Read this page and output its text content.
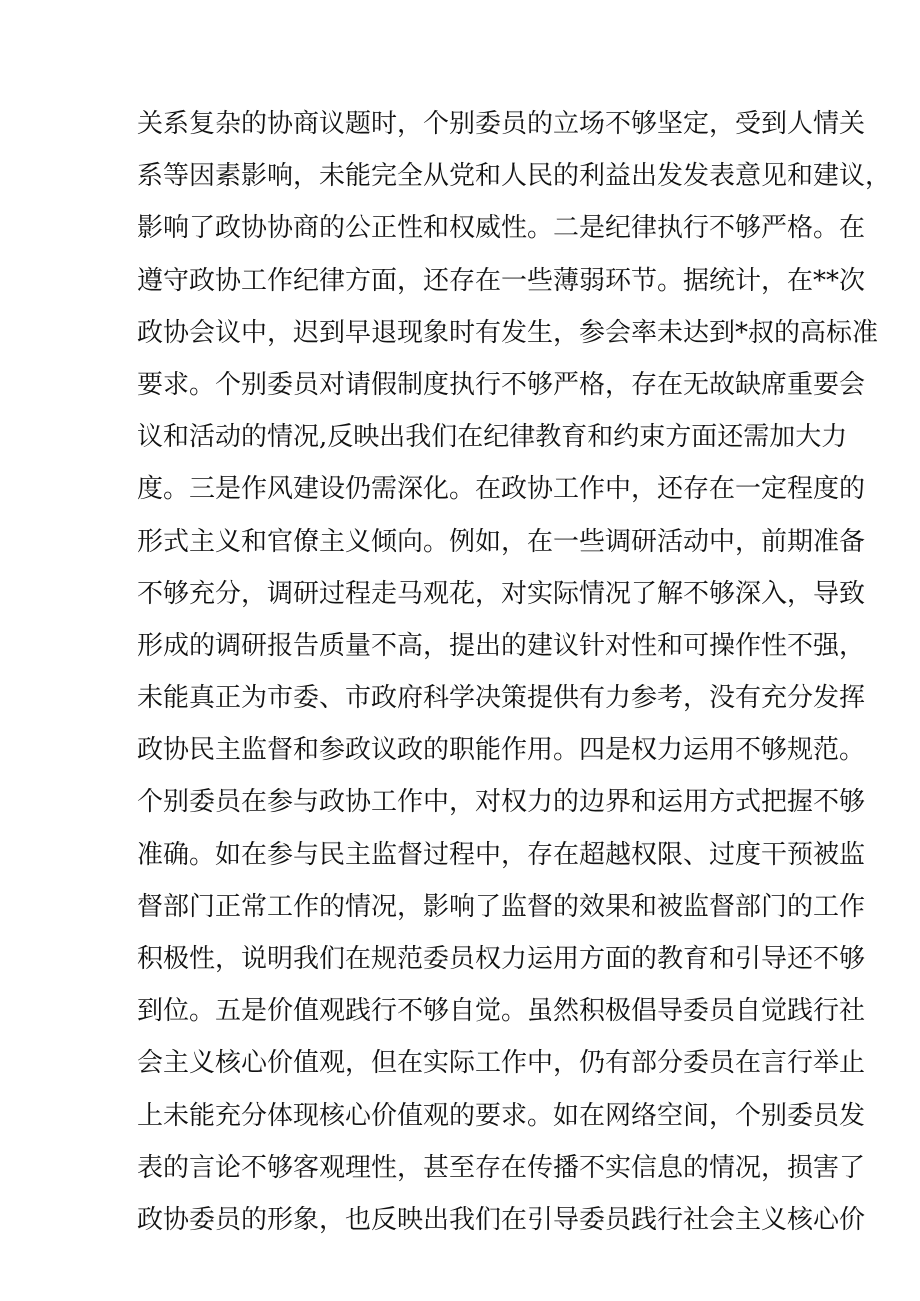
关系复杂的协商议题时，个别委员的立场不够坚定，受到人情关
系等因素影响，未能完全从党和人民的利益出发发表意见和建议，
影响了政协协商的公正性和权威性。二是纪律执行不够严格。在
遵守政协工作纪律方面，还存在一些薄弱环节。据统计，在**次
政协会议中，迟到早退现象时有发生，参会率未达到*叔的高标准
要求。个别委员对请假制度执行不够严格，存在无故缺席重要会
议和活动的情况,反映出我们在纪律教育和约束方面还需加大力
度。三是作风建设仍需深化。在政协工作中，还存在一定程度的
形式主义和官僚主义倾向。例如，在一些调研活动中，前期准备
不够充分，调研过程走马观花，对实际情况了解不够深入，导致
形成的调研报告质量不高，提出的建议针对性和可操作性不强，
未能真正为市委、市政府科学决策提供有力参考，没有充分发挥
政协民主监督和参政议政的职能作用。四是权力运用不够规范。
个别委员在参与政协工作中，对权力的边界和运用方式把握不够
准确。如在参与民主监督过程中，存在超越权限、过度干预被监
督部门正常工作的情况，影响了监督的效果和被监督部门的工作
积极性，说明我们在规范委员权力运用方面的教育和引导还不够
到位。五是价值观践行不够自觉。虽然积极倡导委员自觉践行社
会主义核心价值观，但在实际工作中，仍有部分委员在言行举止
上未能充分体现核心价值观的要求。如在网络空间，个别委员发
表的言论不够客观理性，甚至存在传播不实信息的情况，损害了
政协委员的形象，也反映出我们在引导委员践行社会主义核心价
